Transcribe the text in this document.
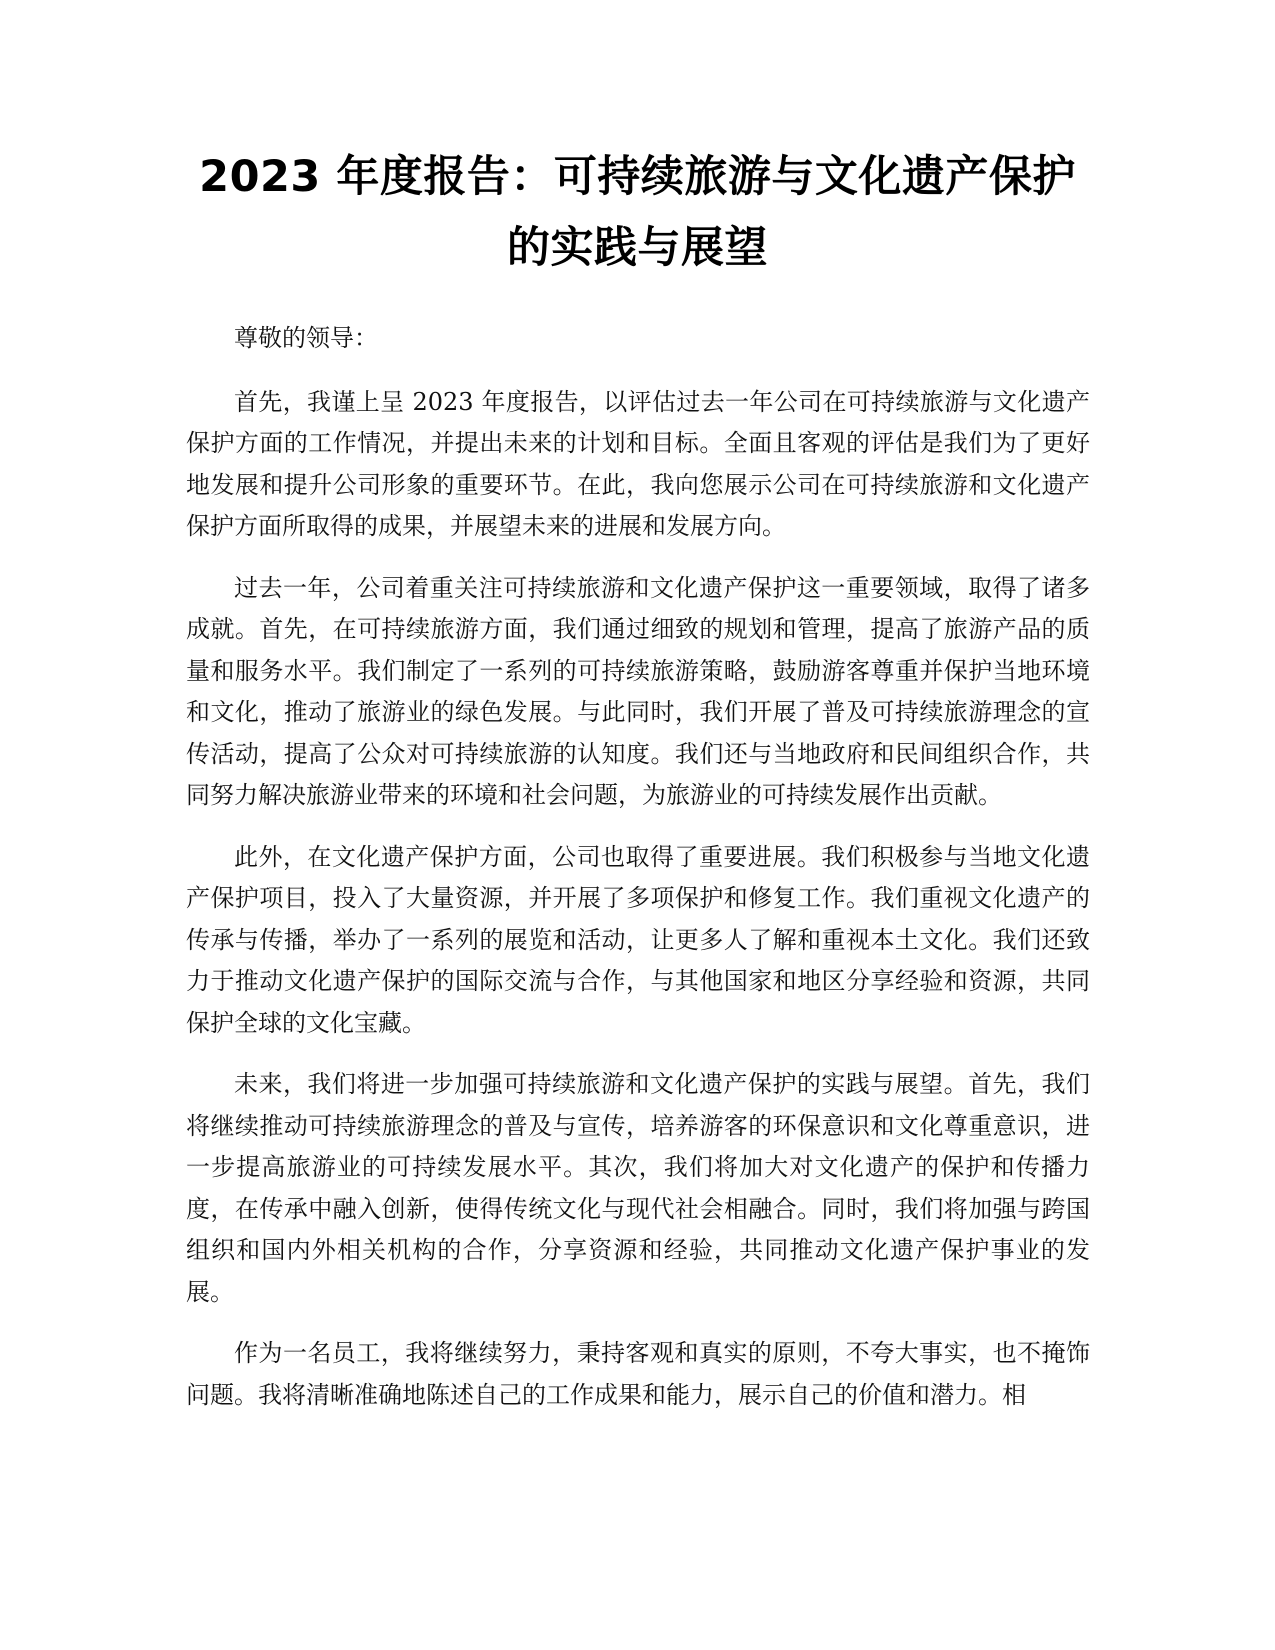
2023 年度报告：可持续旅游与文化遗产保护
的实践与展望

尊敬的领导：

首先，我谨上呈 2023 年度报告，以评估过去一年公司在可持续旅游与文化遗产保护方面的工作情况，并提出未来的计划和目标。全面且客观的评估是我们为了更好地发展和提升公司形象的重要环节。在此，我向您展示公司在可持续旅游和文化遗产保护方面所取得的成果，并展望未来的进展和发展方向。

过去一年，公司着重关注可持续旅游和文化遗产保护这一重要领域，取得了诸多成就。首先，在可持续旅游方面，我们通过细致的规划和管理，提高了旅游产品的质量和服务水平。我们制定了一系列的可持续旅游策略，鼓励游客尊重并保护当地环境和文化，推动了旅游业的绿色发展。与此同时，我们开展了普及可持续旅游理念的宣传活动，提高了公众对可持续旅游的认知度。我们还与当地政府和民间组织合作，共同努力解决旅游业带来的环境和社会问题，为旅游业的可持续发展作出贡献。

此外，在文化遗产保护方面，公司也取得了重要进展。我们积极参与当地文化遗产保护项目，投入了大量资源，并开展了多项保护和修复工作。我们重视文化遗产的传承与传播，举办了一系列的展览和活动，让更多人了解和重视本土文化。我们还致力于推动文化遗产保护的国际交流与合作，与其他国家和地区分享经验和资源，共同保护全球的文化宝藏。

未来，我们将进一步加强可持续旅游和文化遗产保护的实践与展望。首先，我们将继续推动可持续旅游理念的普及与宣传，培养游客的环保意识和文化尊重意识，进一步提高旅游业的可持续发展水平。其次，我们将加大对文化遗产的保护和传播力度，在传承中融入创新，使得传统文化与现代社会相融合。同时，我们将加强与跨国组织和国内外相关机构的合作，分享资源和经验，共同推动文化遗产保护事业的发展。

作为一名员工，我将继续努力，秉持客观和真实的原则，不夸大事实，也不掩饰问题。我将清晰准确地陈述自己的工作成果和能力，展示自己的价值和潜力。相
